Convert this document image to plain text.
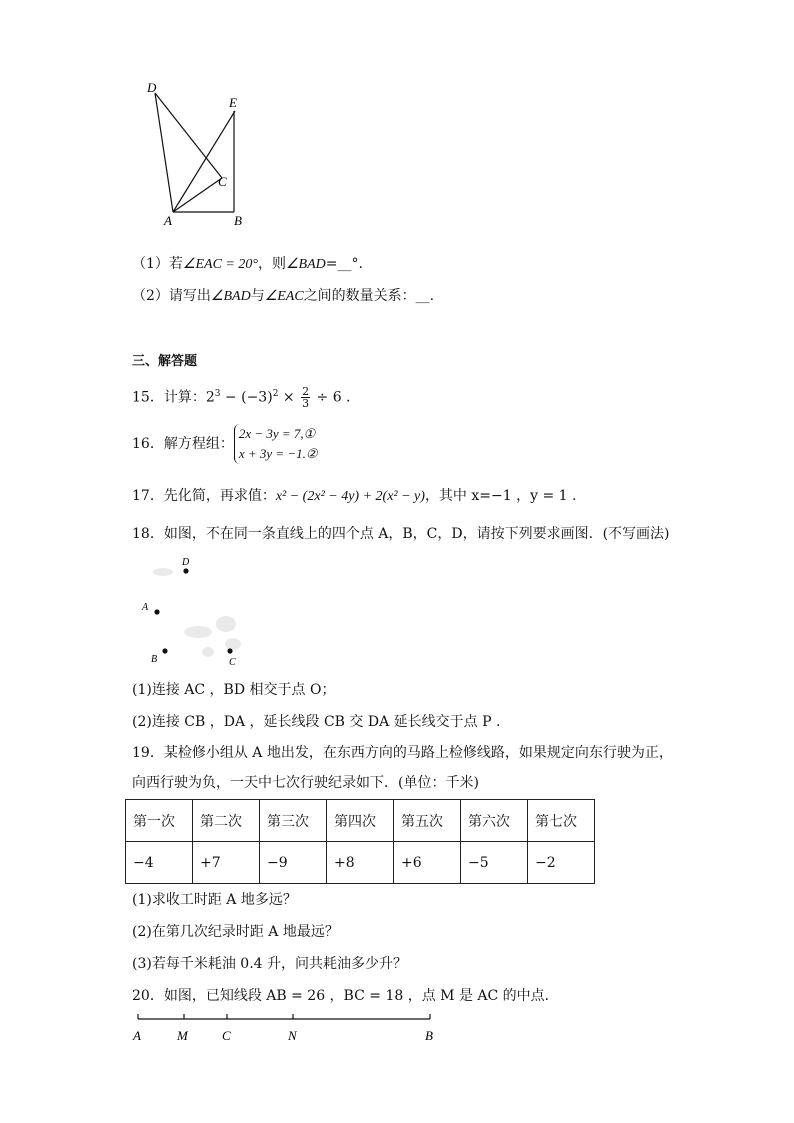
D
E
C
A	B
（1）若∠EAC = 20°，则∠BAD=__°.
（2）请写出∠BAD与∠EAC之间的数量关系：__.
三、解答题
15．计算：$2^3 - (-3)^2 \times \frac{2}{3} \div 6$ .
16．解方程组：
2x − 3y = 7,①
x + 3y = −1.②
17．先化简，再求值：x² − (2x² − 4y) + 2(x² − y)，其中 x=−1 ，y = 1 .
18．如图，不在同一条直线上的四个点 A，B，C，D，请按下列要求画图．(不写画法)
D
A
B	C
(1)连接 AC ，BD 相交于点 O；
(2)连接 CB ，DA ，延长线段 CB 交 DA 延长线交于点 P .
19．某检修小组从 A 地出发，在东西方向的马路上检修线路，如果规定向东行驶为正，
向西行驶为负，一天中七次行驶纪录如下．(单位：千米)
第一次	第二次	第三次	第四次	第五次	第六次	第七次
−4	+7	−9	+8	+6	−5	−2
(1)求收工时距 A 地多远？
(2)在第几次纪录时距 A 地最远？
(3)若每千米耗油 0.4 升，问共耗油多少升？
20．如图，已知线段 AB = 26 ，BC = 18 ，点 M 是 AC 的中点．
A	M	C	N	B
